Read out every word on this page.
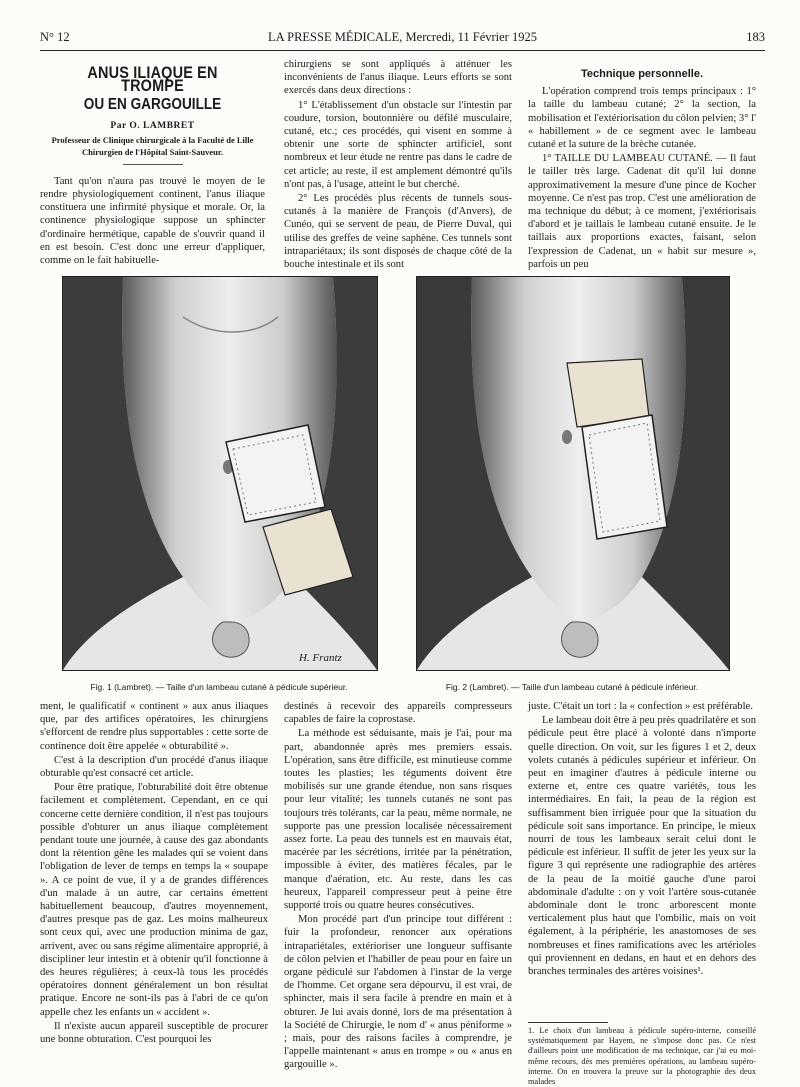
N° 12	LA PRESSE MÉDICALE, Mercredi, 11 Février 1925	183
ANUS ILIAQUE EN TROMPE
OU EN GARGOUILLE
Par O. LAMBRET
Professeur de Clinique chirurgicale à la Faculté de Lille
Chirurgien de l'Hôpital Saint-Sauveur.

Tant qu'on n'aura pas trouvé le moyen de le rendre physiologiquement continent, l'anus iliaque constituera une infirmité physique et morale. Or, la continence physiologique suppose un sphincter d'ordinaire hermétique, capable de s'ouvrir quand il en est besoin. C'est donc une erreur d'appliquer, comme on le fait habituelle-

chirurgiens se sont appliqués à atténuer les inconvénients de l'anus iliaque. Leurs efforts se sont exercés dans deux directions :

1° L'établissement d'un obstacle sur l'intestin par coudure, torsion, boutonnière ou défilé musculaire, cutané, etc.; ces procédés, qui visent en somme à obtenir une sorte de sphincter artificiel, sont nombreux et leur étude ne rentre pas dans le cadre de cet article; au reste, il est amplement démontré qu'ils n'ont pas, à l'usage, atteint le but cherché.

2° Les procédés plus récents de tunnels sous-cutanés à la manière de François (d'Anvers), de Cunéo, qui se servent de peau, de Pierre Duval, qui utilise des greffes de veine saphène. Ces tunnels sont intrapariétaux; ils sont disposés de chaque côté de la bouche intestinale et ils sont

Technique personnelle.

L'opération comprend trois temps principaux : 1° la taille du lambeau cutané; 2° la section, la mobilisation et l'extériorisation du côlon pelvien; 3° l' « habillement » de ce segment avec le lambeau cutané et la suture de la brèche cutanée.

1° TAILLE DU LAMBEAU CUTANÉ. — Il faut le tailler très large. Cadenat dit qu'il lui donne approximativement la mesure d'une pince de Kocher moyenne. Ce n'est pas trop. C'est une amélioration de ma technique du début; à ce moment, j'extériorisais d'abord et je taillais le lambeau cutané ensuite. Je le taillais aux proportions exactes, faisant, selon l'expression de Cadenat, un « habit sur mesure », parfois un peu

H. Frantz
Fig. 1 (Lambret). — Taille d'un lambeau cutané à pédicule supérieur.	Fig. 2 (Lambret). — Taille d'un lambeau cutané à pédicule inférieur.

ment, le qualificatif « continent » aux anus iliaques que, par des artifices opératoires, les chirurgiens s'efforcent de rendre plus supportables : cette sorte de continence doit être appelée « obturabilité ».

C'est à la description d'un procédé d'anus iliaque obturable qu'est consacré cet article.

Pour être pratique, l'obturabilité doit être obtenue facilement et complètement. Cependant, en ce qui concerne cette dernière condition, il n'est pas toujours possible d'obturer un anus iliaque complètement pendant toute une journée, à cause des gaz abondants dont la rétention gêne les malades qui se voient dans l'obligation de lever de temps en temps la « soupape ». A ce point de vue, il y a de grandes différences d'un malade à un autre, car certains émettent habituellement beaucoup, d'autres moyennement, d'autres presque pas de gaz. Les moins malheureux sont ceux qui, avec une production minima de gaz, arrivent, avec ou sans régime alimentaire approprié, à discipliner leur intestin et à obtenir qu'il fonctionne à des heures régulières; à ceux-là tous les procédés opératoires donnent généralement un bon résultat pratique. Encore ne sont-ils pas à l'abri de ce qu'on appelle chez les enfants un « accident ».

Il n'existe aucun appareil susceptible de procurer une bonne obturation. C'est pourquoi les

destinés à recevoir des appareils compresseurs capables de faire la coprostase.

La méthode est séduisante, mais je l'ai, pour ma part, abandonnée après mes premiers essais. L'opération, sans être difficile, est minutieuse comme toutes les plasties; les téguments doivent être mobilisés sur une grande étendue, non sans risques pour leur vitalité; les tunnels cutanés ne sont pas toujours très tolérants, car la peau, même normale, ne supporte pas une pression localisée nécessairement assez forte. La peau des tunnels est en mauvais état, macérée par les sécrétions, irritée par la pénétration, impossible à éviter, des matières fécales, par le manque d'aération, etc. Au reste, dans les cas heureux, l'appareil compresseur peut à peine être supporté trois ou quatre heures consécutives.

Mon procédé part d'un principe tout différent : fuir la profondeur, renoncer aux opérations intrapariétales, extérioriser une longueur suffisante de côlon pelvien et l'habiller de peau pour en faire un organe pédiculé sur l'abdomen à l'instar de la verge de l'homme. Cet organe sera dépourvu, il est vrai, de sphincter, mais il sera facile à prendre en main et à obturer. Je lui avais donné, lors de ma présentation à la Société de Chirurgie, le nom d' « anus péniforme » ; mais, pour des raisons faciles à comprendre, je l'appelle maintenant « anus en trompe » ou « anus en gargouille ».

juste. C'était un tort : la « confection » est préférable.

Le lambeau doit être à peu près quadrilatère et son pédicule peut être placé à volonté dans n'importe quelle direction. On voit, sur les figures 1 et 2, deux volets cutanés à pédicules supérieur et inférieur. On peut en imaginer d'autres à pédicule interne ou externe et, entre ces quatre variétés, tous les intermédiaires. En fait, la peau de la région est suffisamment bien irriguée pour que la situation du pédicule soit sans importance. En principe, le mieux nourri de tous les lambeaux serait celui dont le pédicule est inférieur. Il suffit de jeter les yeux sur la figure 3 qui représente une radiographie des artères de la peau de la moitié gauche d'une paroi abdominale d'adulte : on y voit l'artère sous-cutanée abdominale dont le tronc arborescent monte verticalement plus haut que l'ombilic, mais on voit également, à la périphérie, les anastomoses de ses nombreuses et fines ramifications avec les artérioles qui proviennent en dedans, en haut et en dehors des branches terminales des artères voisines¹.

1. Le choix d'un lambeau à pédicule supéro-interne, conseillé systématiquement par Hayem, ne s'impose donc pas. Ce n'est d'ailleurs point une modification de ma technique, car j'ai eu moi-même recours, dès mes premières opérations, au lambeau supéro-interne. On en trouvera la preuve sur la photographie des deux malades
